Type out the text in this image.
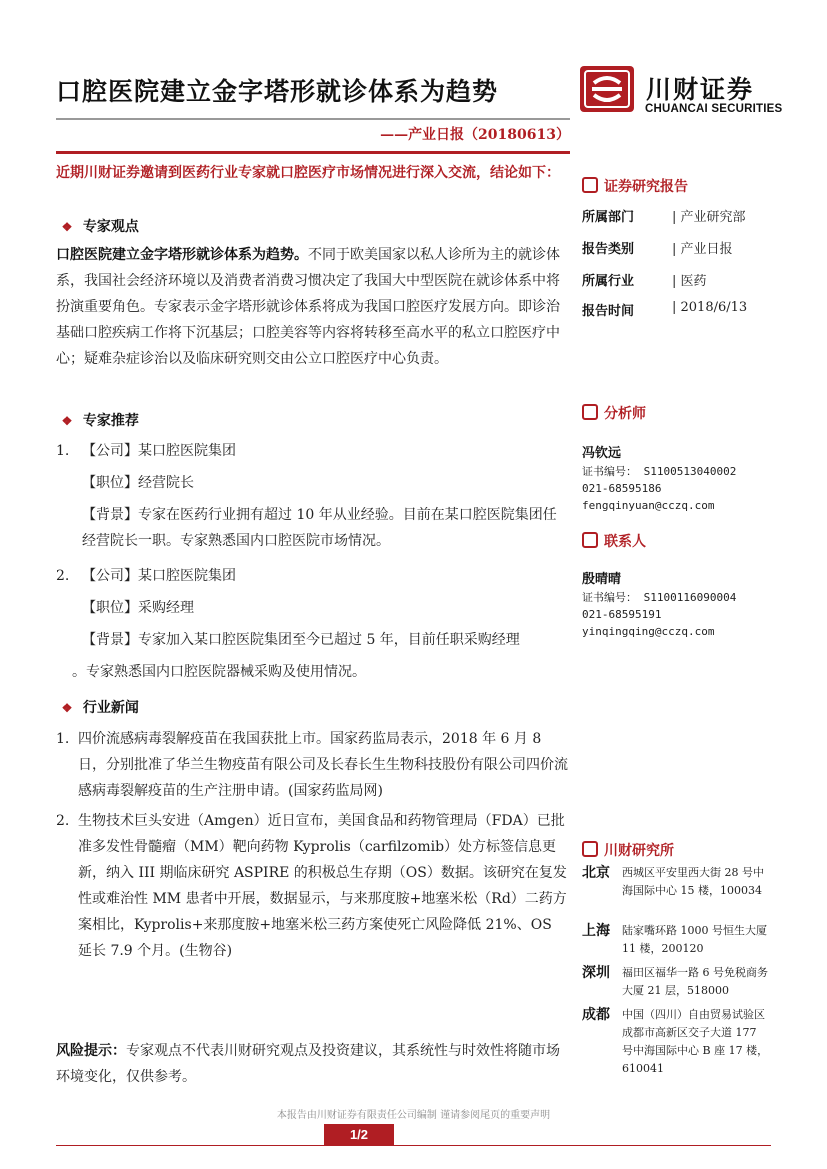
口腔医院建立金字塔形就诊体系为趋势
——产业日报（20180613）
川财证券
CHUANCAI SECURITIES
近期川财证券邀请到医药行业专家就口腔医疗市场情况进行深入交流，结论如下：
❖ 专家观点
口腔医院建立金字塔形就诊体系为趋势。不同于欧美国家以私人诊所为主的就诊体系，我国社会经济环境以及消费者消费习惯决定了我国大中型医院在就诊体系中将扮演重要角色。专家表示金字塔形就诊体系将成为我国口腔医疗发展方向。即诊治基础口腔疾病工作将下沉基层；口腔美容等内容将转移至高水平的私立口腔医疗中心；疑难杂症诊治以及临床研究则交由公立口腔医疗中心负责。
❖ 专家推荐
1. 【公司】某口腔医院集团
【职位】经营院长
【背景】专家在医药行业拥有超过 10 年从业经验。目前在某口腔医院集团任经营院长一职。专家熟悉国内口腔医院市场情况。
2. 【公司】某口腔医院集团
【职位】采购经理
【背景】专家加入某口腔医院集团至今已超过 5 年，目前任职采购经理
。专家熟悉国内口腔医院器械采购及使用情况。
❖ 行业新闻
1. 四价流感病毒裂解疫苗在我国获批上市。国家药监局表示，2018 年 6 月 8 日，分别批准了华兰生物疫苗有限公司及长春长生生物科技股份有限公司四价流感病毒裂解疫苗的生产注册申请。(国家药监局网)
2. 生物技术巨头安进（Amgen）近日宣布，美国食品和药物管理局（FDA）已批准多发性骨髓瘤（MM）靶向药物 Kyprolis（carfilzomib）处方标签信息更新，纳入 III 期临床研究 ASPIRE 的积极总生存期（OS）数据。该研究在复发性或难治性 MM 患者中开展，数据显示，与来那度胺+地塞米松（Rd）二药方案相比，Kyprolis+来那度胺+地塞米松三药方案使死亡风险降低 21%、OS 延长 7.9 个月。(生物谷)
风险提示：专家观点不代表川财研究观点及投资建议，其系统性与时效性将随市场环境变化，仅供参考。
证券研究报告
所属部门	| 产业研究部
报告类别	| 产业日报
所属行业	| 医药
报告时间	| 2018/6/13
分析师
冯钦远
证书编号： S1100513040002
021-68595186
fengqinyuan@cczq.com
联系人
殷晴晴
证书编号： S1100116090004
021-68595191
yinqingqing@cczq.com
川财研究所
北京 西城区平安里西大街 28 号中海国际中心 15 楼，100034
上海 陆家嘴环路 1000 号恒生大厦 11 楼，200120
深圳 福田区福华一路 6 号免税商务大厦 21 层，518000
成都 中国（四川）自由贸易试验区成都市高新区交子大道 177 号中海国际中心 B 座 17 楼，610041
本报告由川财证券有限责任公司编制 谨请参阅尾页的重要声明
1/2
